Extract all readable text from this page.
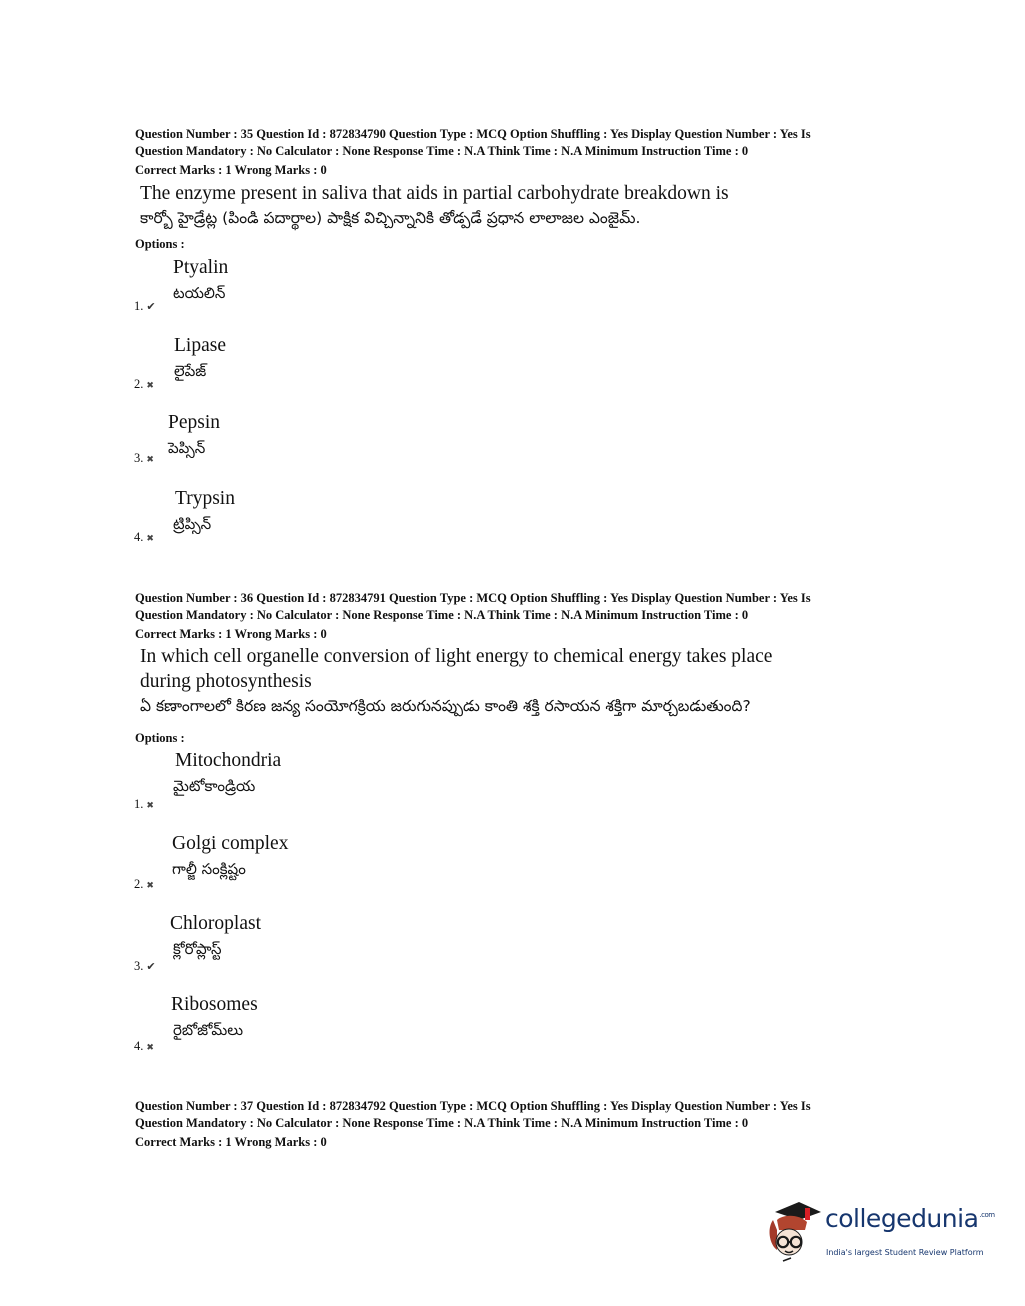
Question Number : 35 Question Id : 872834790 Question Type : MCQ Option Shuffling : Yes Display Question Number : Yes Is
Question Mandatory : No Calculator : None Response Time : N.A Think Time : N.A Minimum Instruction Time : 0
Correct Marks : 1 Wrong Marks : 0
The enzyme present in saliva that aids in partial carbohydrate breakdown is
కార్బో హైడ్రేట్ల (పిండి పదార్థాల) పాక్షిక విచ్చిన్నానికి తోడ్పడే ప్రధాన లాలాజల ఎంజైమ్.
Options :
Ptyalin
టయలిన్
1. ✔
Lipase
లైపేజ్
2. ✖
Pepsin
పెప్సిన్
3. ✖
Trypsin
ట్రిప్సిన్
4. ✖
Question Number : 36 Question Id : 872834791 Question Type : MCQ Option Shuffling : Yes Display Question Number : Yes Is
Question Mandatory : No Calculator : None Response Time : N.A Think Time : N.A Minimum Instruction Time : 0
Correct Marks : 1 Wrong Marks : 0
In which cell organelle conversion of light energy to chemical energy takes place
during photosynthesis
ఏ కణాంగాలలో కిరణ జన్య సంయోగక్రియ జరుగునప్పుడు కాంతి శక్తి రసాయన శక్తిగా మార్చబడుతుంది?
Options :
Mitochondria
మైటోకాండ్రియ
1. ✖
Golgi complex
గాల్జీ సంక్లిష్టం
2. ✖
Chloroplast
క్లోరోప్లాస్ట్
3. ✔
Ribosomes
రైబోజోమ్‌లు
4. ✖
Question Number : 37 Question Id : 872834792 Question Type : MCQ Option Shuffling : Yes Display Question Number : Yes Is
Question Mandatory : No Calculator : None Response Time : N.A Think Time : N.A Minimum Instruction Time : 0
Correct Marks : 1 Wrong Marks : 0
collegedunia$^{.com}$
India's largest Student Review Platform
